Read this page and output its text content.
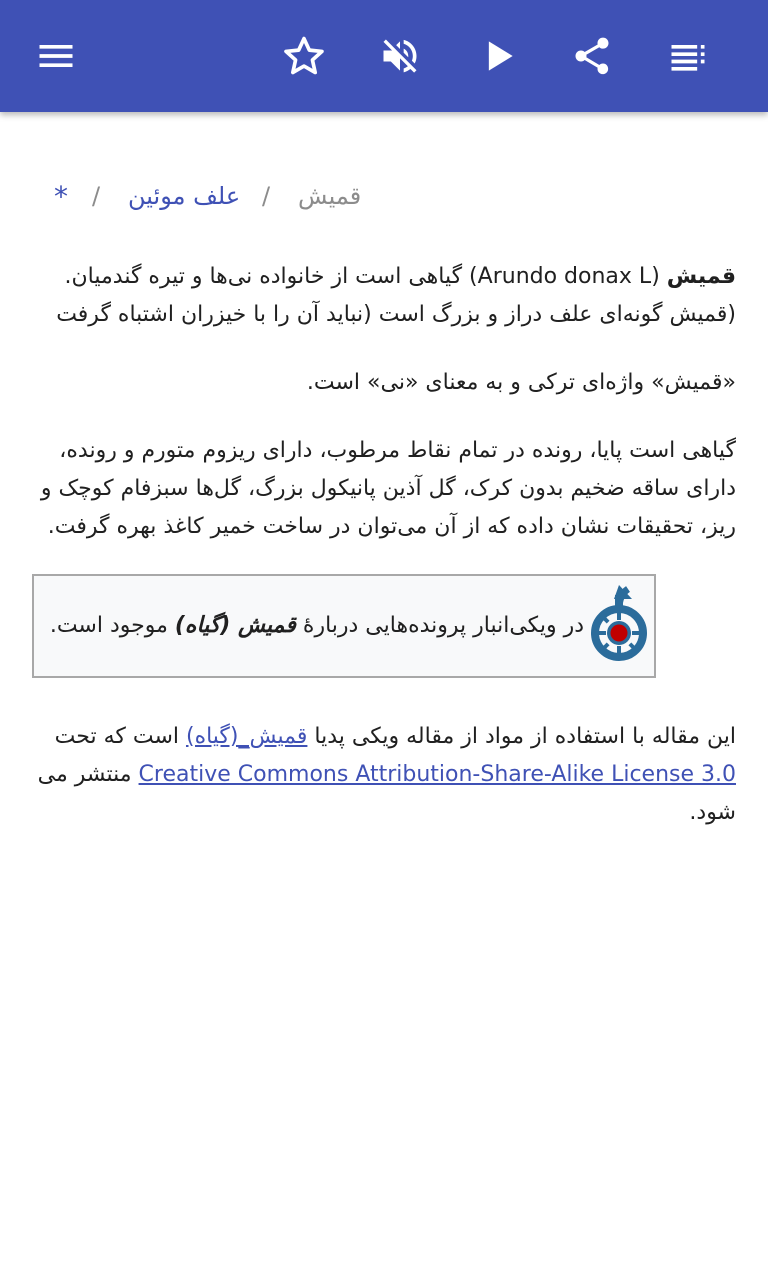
* / علف موئین / قمیش

قمیش (Arundo donax L) گیاهی است از خانواده نی‌ها و تیره گندمیان. (قمیش گونه‌ای علف دراز و بزرگ است (نباید آن را با خیزران اشتباه گرفت

«قمیش» واژه‌ای ترکی و به معنای «نی» است.

گیاهی است پایا، رونده در تمام نقاط مرطوب، دارای ریزوم متورم و رونده، دارای ساقه ضخیم بدون کرک، گل آذین پانیکول بزرگ، گل‌ها سبزفام کوچک و ریز، تحقیقات نشان داده که از آن می‌توان در ساخت خمیر کاغذ بهره گرفت.

در ویکی‌انبار پرونده‌هایی دربارهٔ قمیش (گیاه) موجود است.

این مقاله با استفاده از مواد از مقاله ویکی پدیا قمیش_(گیاه) است که تحت Creative Commons Attribution-Share-Alike License 3.0 منتشر می شود.
